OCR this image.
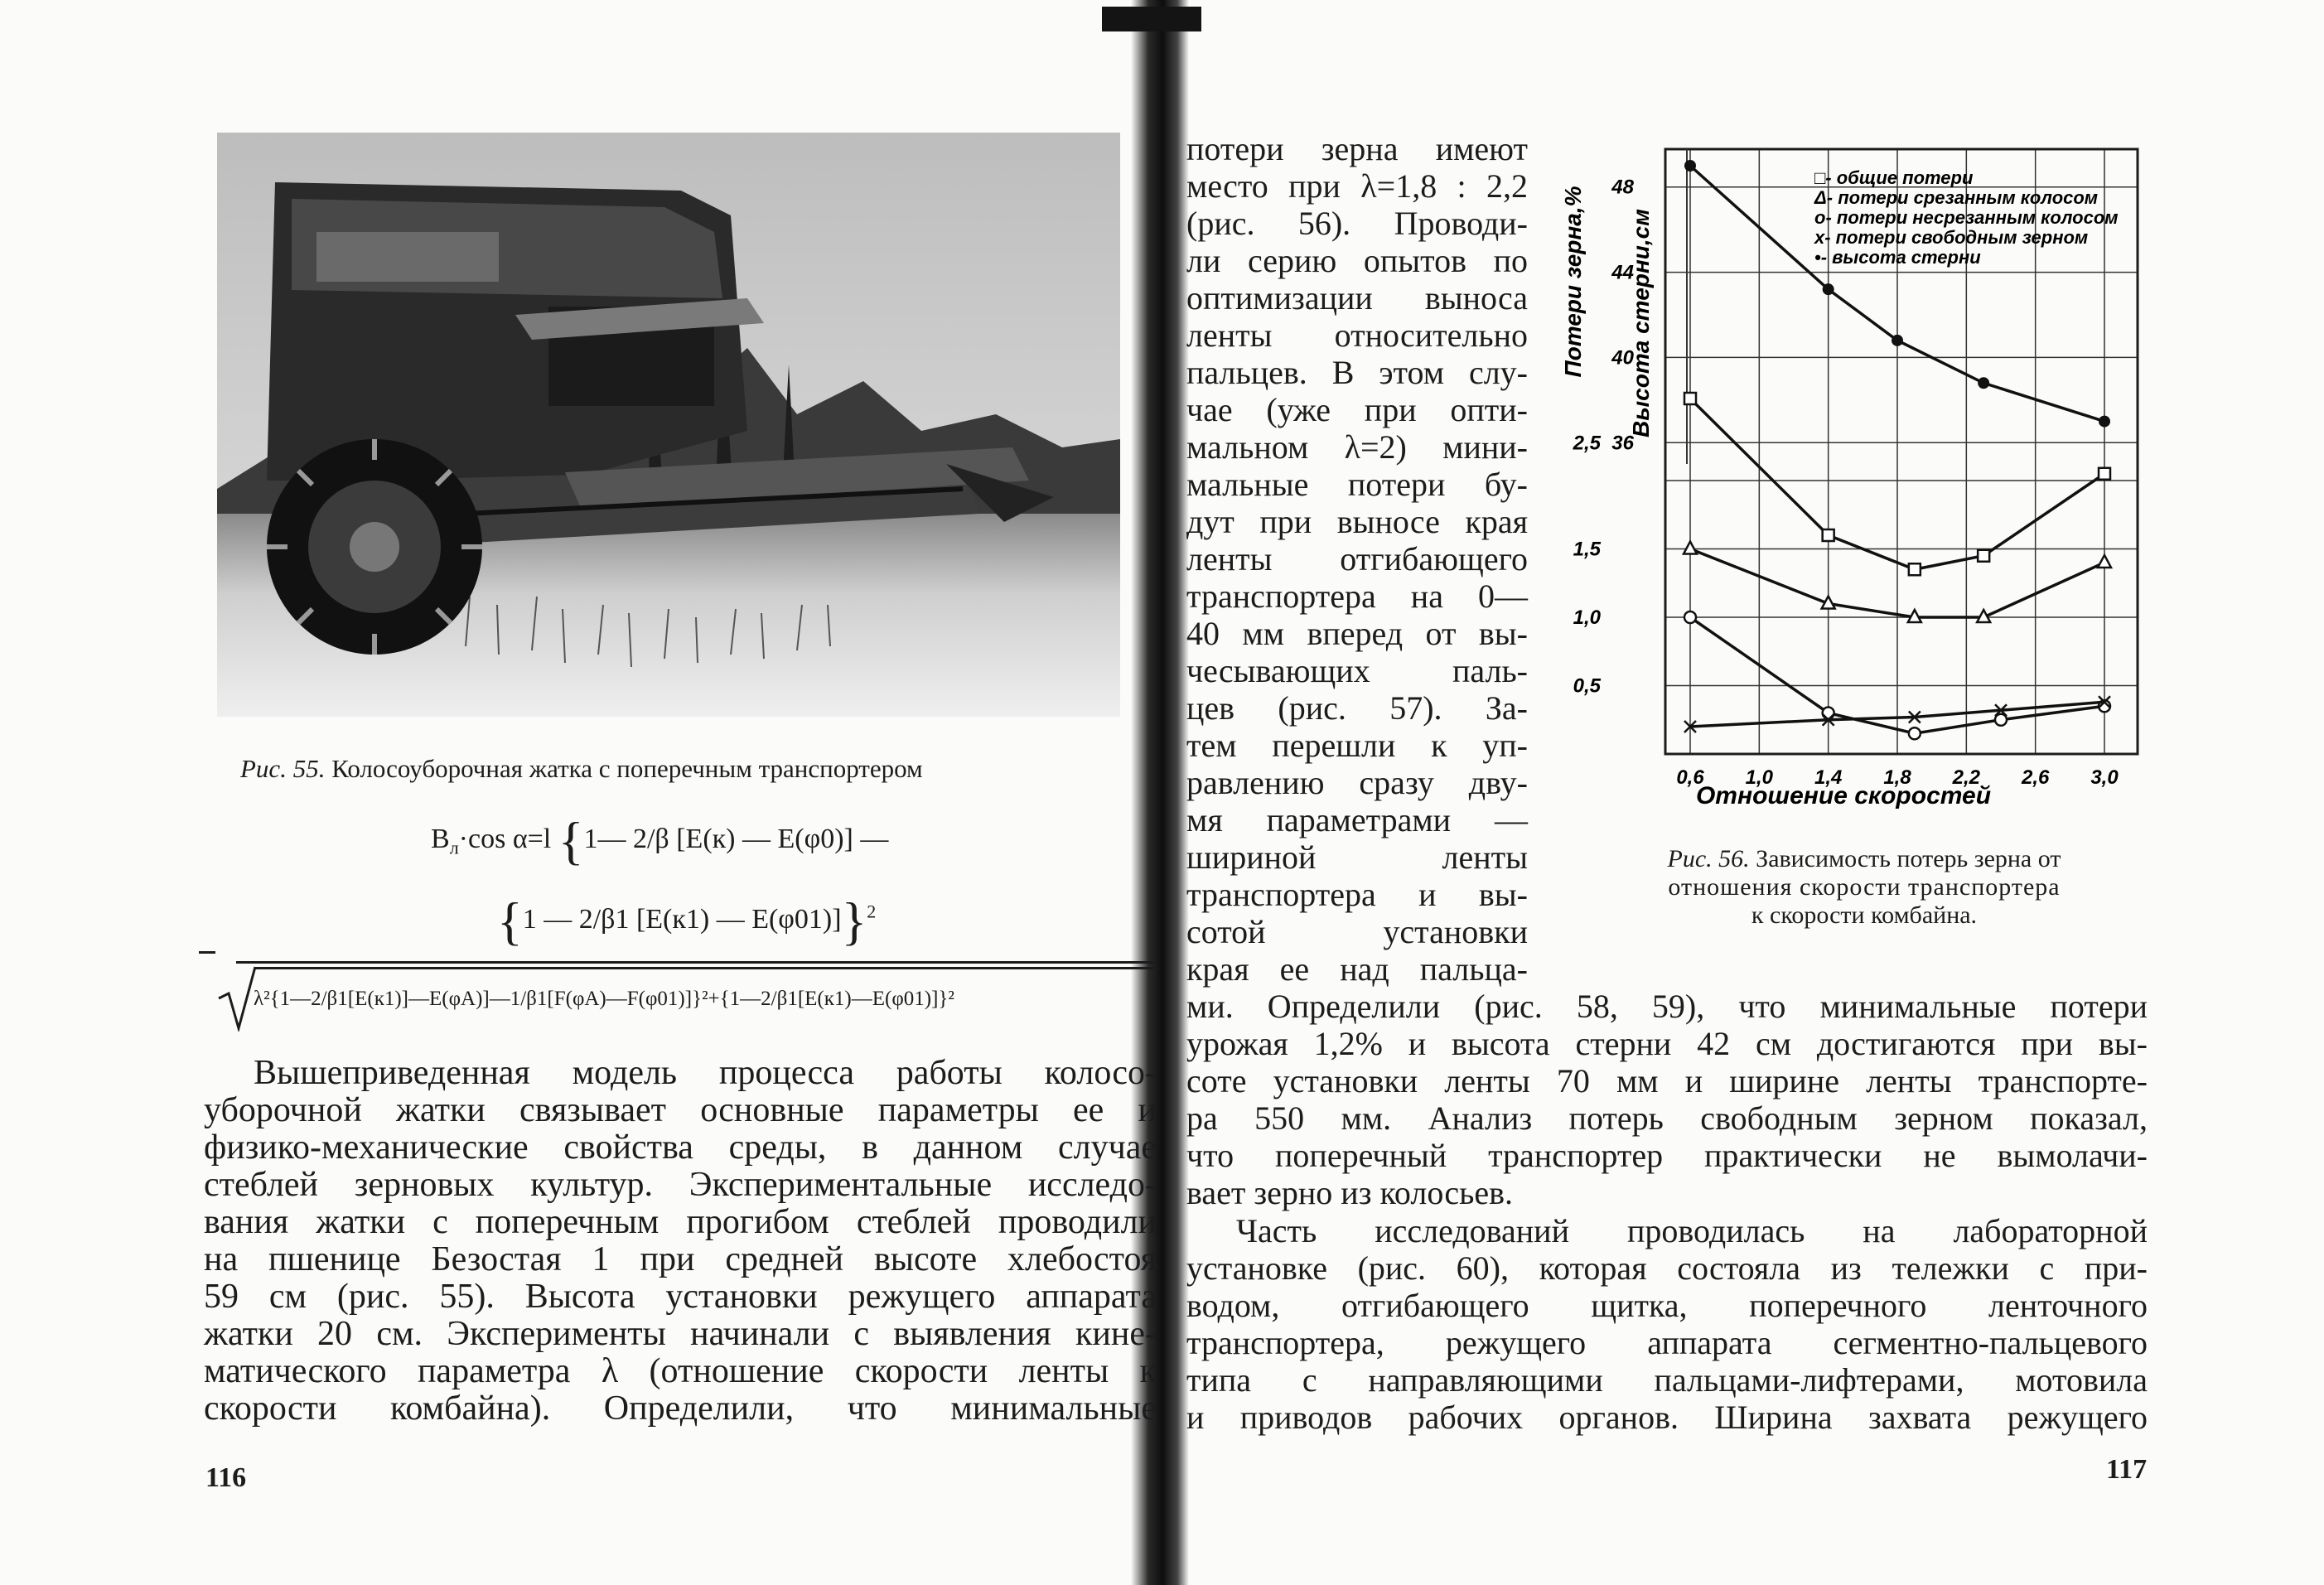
Рис. 55. Колосоуборочная жатка с поперечным транспортером
$B_л\cdot\cos$ α=l {1— 2/β [E(к) — E(φ0)] —
{1 — 2/β1 [E(к1) — E(φ01)]}$^2$
λ²{1—2/β1[E(к1)]—E(φA)]—1/β1[F(φA)—F(φ01)]}²+{1—2/β1[E(к1)—E(φ01)]}²
Вышеприведенная модель процесса работы колосо-
уборочной жатки связывает основные параметры ее и
физико-механические свойства среды, в данном случае
стеблей зерновых культур. Экспериментальные исследо-
вания жатки с поперечным прогибом стеблей проводили
на пшенице Безостая 1 при средней высоте хлебостоя
59 см (рис. 55). Высота установки режущего аппарата
жатки 20 см. Эксперименты начинали с выявления кине-
матического параметра λ (отношение скорости ленты к
скорости комбайна). Определили, что минимальные
116
потери зерна имеют
место при λ=1,8 : 2,2
(рис. 56). Проводи-
ли серию опытов по
оптимизации выноса
ленты относительно
пальцев. В этом слу-
чае (уже при опти-
мальном λ=2) мини-
мальные потери бу-
дут при выносе края
ленты отгибающего
транспортера на 0—
40 мм вперед от вы-
чесывающих паль-
цев (рис. 57). За-
тем перешли к уп-
равлению сразу дву-
мя параметрами —
шириной ленты
транспортера и вы-
сотой установки
края ее над пальца-
ми. Определили (рис. 58, 59), что минимальные потери
урожая 1,2% и высота стерни 42 см достигаются при вы-
соте установки ленты 70 мм и ширине ленты транспорте-
ра 550 мм. Анализ потерь свободным зерном показал,
что поперечный транспортер практически не вымолачи-
вает зерно из колосьев.
Часть исследований проводилась на лабораторной
установке (рис. 60), которая состояла из тележки с при-
водом, отгибающего щитка, поперечного ленточного
транспортера, режущего аппарата сегментно-пальцевого
типа с направляющими пальцами-лифтерами, мотовила
и приводов рабочих органов. Ширина захвата режущего
117
0,6 1,0 1,4 1,8 2,2 2,6 3,0
0,5
1,0
1,5
2,5 36
40
44
48	□- общие потери
Δ- потери срезанным колосом
o- потери несрезанным колосом
x- потери свободным зерном
•- высота стерни
Потери зерна,% Высота стерни,см
Отношение скоростей
Рис. 56. Зависимость потерь зерна от
отношения скорости транспортера
к скорости комбайна.
